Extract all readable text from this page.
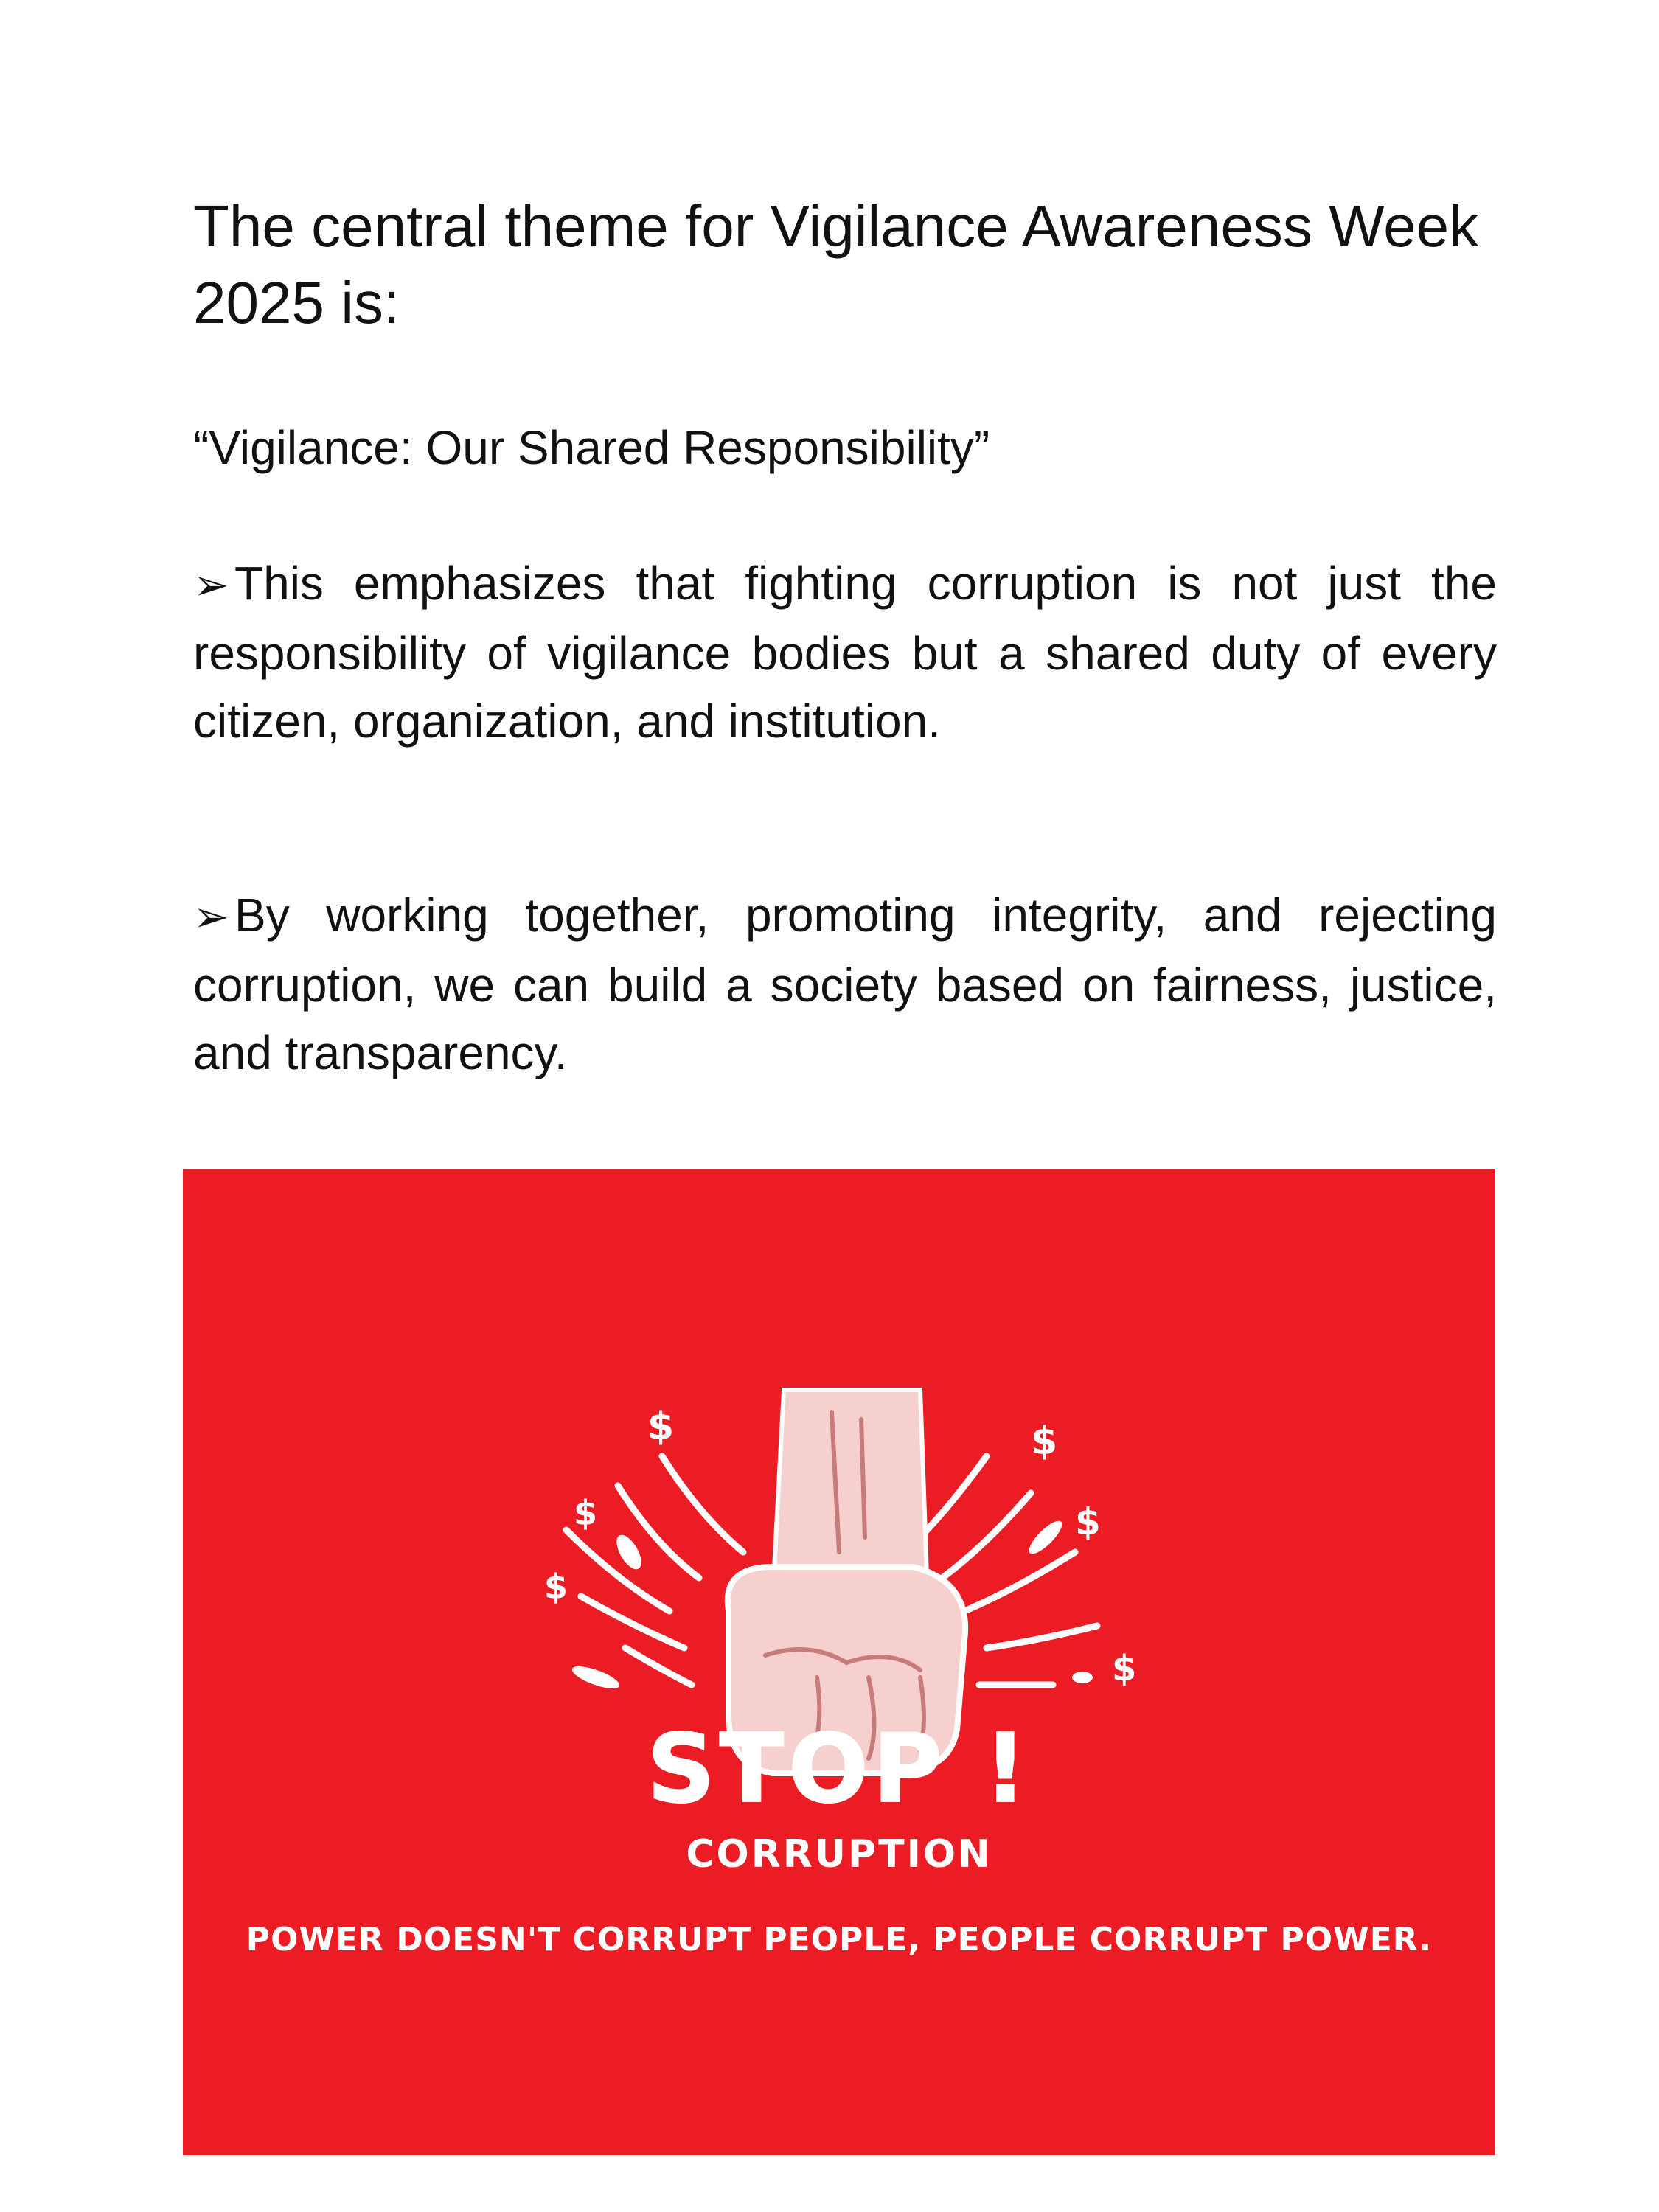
The central theme for Vigilance Awareness Week 2025 is:

“Vigilance: Our Shared Responsibility”

➢ This emphasizes that fighting corruption is not just the responsibility of vigilance bodies but a shared duty of every citizen, organization, and institution.

➢ By working together, promoting integrity, and rejecting corruption, we can build a society based on fairness, justice, and transparency.

$
$
$
$
$
$
STOP !
CORRUPTION
POWER DOESN'T CORRUPT PEOPLE, PEOPLE CORRUPT POWER.
